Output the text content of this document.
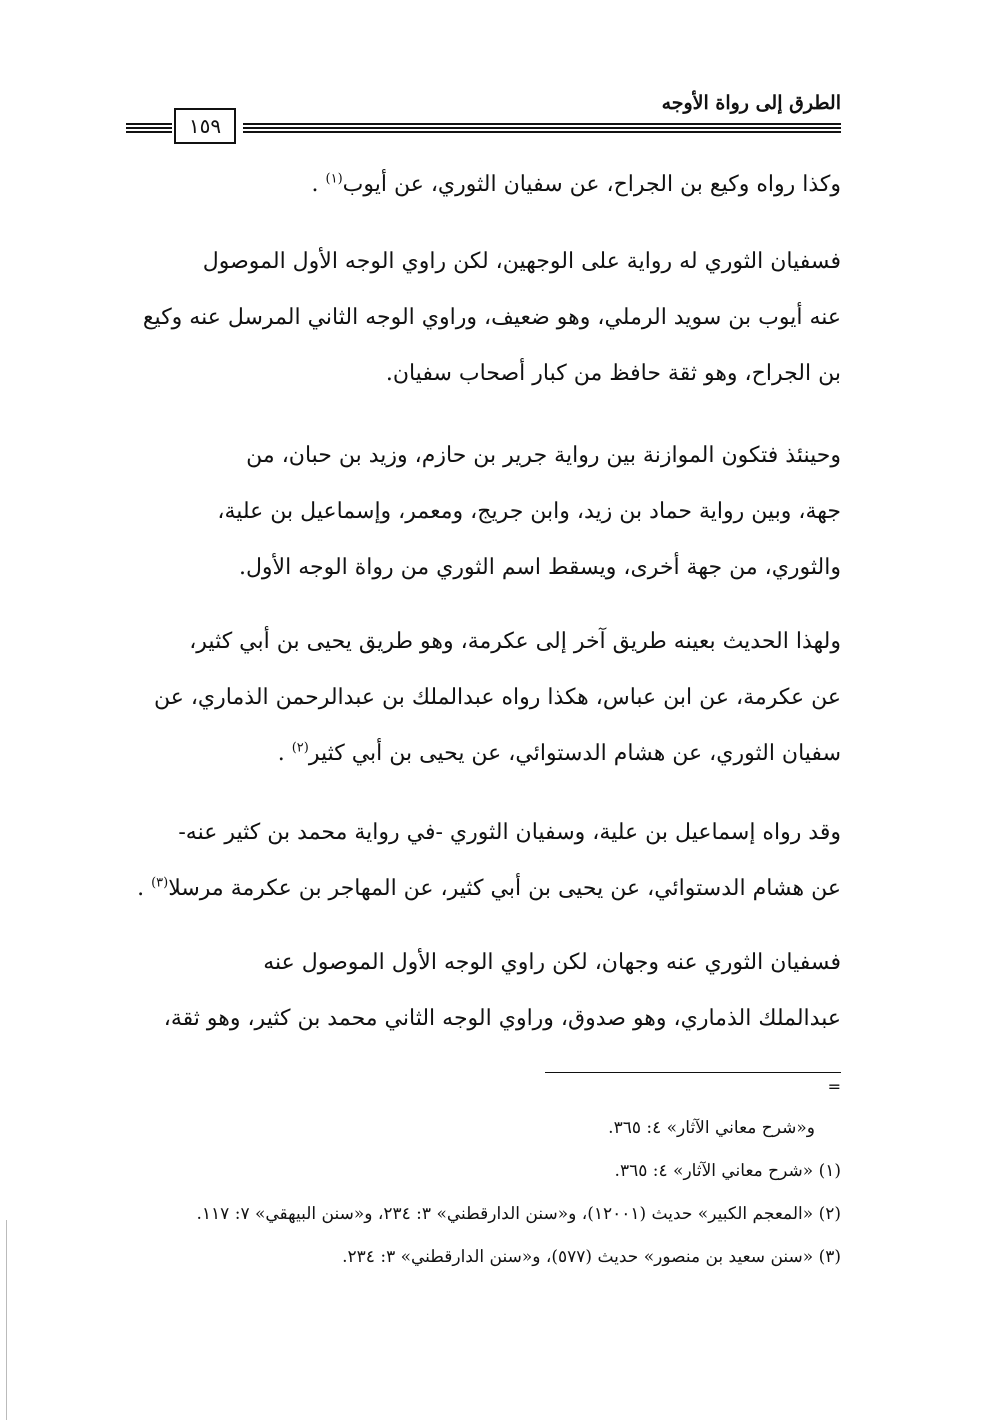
الطرق إلى رواة الأوجه
١٥٩
وكذا رواه وكيع بن الجراح، عن سفيان الثوري، عن أيوب$^{(١)}$ .
فسفيان الثوري له رواية على الوجهين، لكن راوي الوجه الأول الموصول
عنه أيوب بن سويد الرملي، وهو ضعيف، وراوي الوجه الثاني المرسل عنه وكيع
بن الجراح، وهو ثقة حافظ من كبار أصحاب سفيان.
وحينئذ فتكون الموازنة بين رواية جرير بن حازم، وزيد بن حبان، من
جهة، وبين رواية حماد بن زيد، وابن جريج، ومعمر، وإسماعيل بن علية،
والثوري، من جهة أخرى، ويسقط اسم الثوري من رواة الوجه الأول.
ولهذا الحديث بعينه طريق آخر إلى عكرمة، وهو طريق يحيى بن أبي كثير،
عن عكرمة، عن ابن عباس، هكذا رواه عبدالملك بن عبدالرحمن الذماري، عن
سفيان الثوري، عن هشام الدستوائي، عن يحيى بن أبي كثير$^{(٢)}$ .
وقد رواه إسماعيل بن علية، وسفيان الثوري -في رواية محمد بن كثير عنه-
عن هشام الدستوائي، عن يحيى بن أبي كثير، عن المهاجر بن عكرمة مرسلا$^{(٣)}$ .
فسفيان الثوري عنه وجهان، لكن راوي الوجه الأول الموصول عنه
عبدالملك الذماري، وهو صدوق، وراوي الوجه الثاني محمد بن كثير، وهو ثقة،
=
و«شرح معاني الآثار» ٤: ٣٦٥.
(١) «شرح معاني الآثار» ٤: ٣٦٥.
(٢) «المعجم الكبير» حديث (١٢٠٠١)، و«سنن الدارقطني» ٣: ٢٣٤، و«سنن البيهقي» ٧: ١١٧.
(٣) «سنن سعيد بن منصور» حديث (٥٧٧)، و«سنن الدارقطني» ٣: ٢٣٤.
